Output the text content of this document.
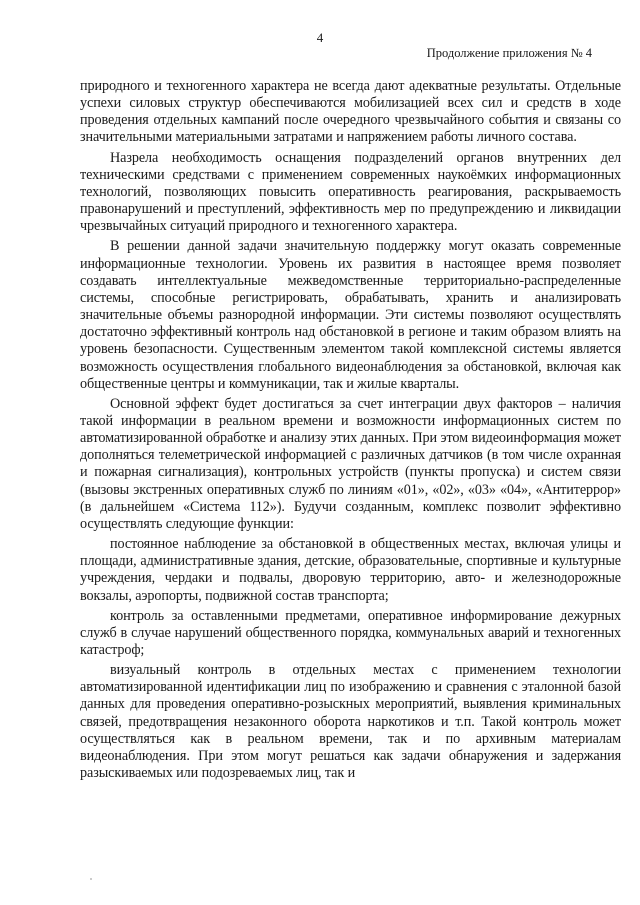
4
Продолжение приложения № 4

природного и техногенного характера не всегда дают адекватные результаты. Отдельные успехи силовых структур обеспечиваются мобилизацией всех сил и средств в ходе проведения отдельных кампаний после очередного чрезвычайного события и связаны со значительными материальными затратами и напряжением работы личного состава.

Назрела необходимость оснащения подразделений органов внутренних дел техническими средствами с применением современных наукоёмких информационных технологий, позволяющих повысить оперативность реагирования, раскрываемость правонарушений и преступлений, эффективность мер по предупреждению и ликвидации чрезвычайных ситуаций природного и техногенного характера.

В решении данной задачи значительную поддержку могут оказать современные информационные технологии. Уровень их развития в настоящее время позволяет создавать интеллектуальные межведомственные территориально-распределенные системы, способные регистрировать, обрабатывать, хранить и анализировать значительные объемы разнородной информации. Эти системы позволяют осуществлять достаточно эффективный контроль над обстановкой в регионе и таким образом влиять на уровень безопасности. Существенным элементом такой комплексной системы является возможность осуществления глобального видеонаблюдения за обстановкой, включая как общественные центры и коммуникации, так и жилые кварталы.

Основной эффект будет достигаться за счет интеграции двух факторов – наличия такой информации в реальном времени и возможности информационных систем по автоматизированной обработке и анализу этих данных. При этом видеоинформация может дополняться телеметрической информацией с различных датчиков (в том числе охранная и пожарная сигнализация), контрольных устройств (пункты пропуска) и систем связи (вызовы экстренных оперативных служб по линиям «01», «02», «03» «04», «Антитеррор» (в дальнейшем «Система 112»). Будучи созданным, комплекс позволит эффективно осуществлять следующие функции:

постоянное наблюдение за обстановкой в общественных местах, включая улицы и площади, административные здания, детские, образовательные, спортивные и культурные учреждения, чердаки и подвалы, дворовую территорию, авто- и железнодорожные вокзалы, аэропорты, подвижной состав транспорта;

контроль за оставленными предметами, оперативное информирование дежурных служб в случае нарушений общественного порядка, коммунальных аварий и техногенных катастроф;

визуальный контроль в отдельных местах с применением технологии автоматизированной идентификации лиц по изображению и сравнения с эталонной базой данных для проведения оперативно-розыскных мероприятий, выявления криминальных связей, предотвращения незаконного оборота наркотиков и т.п. Такой контроль может осуществляться как в реальном времени, так и по архивным материалам видеонаблюдения. При этом могут решаться как задачи обнаружения и задержания разыскиваемых или подозреваемых лиц, так и
